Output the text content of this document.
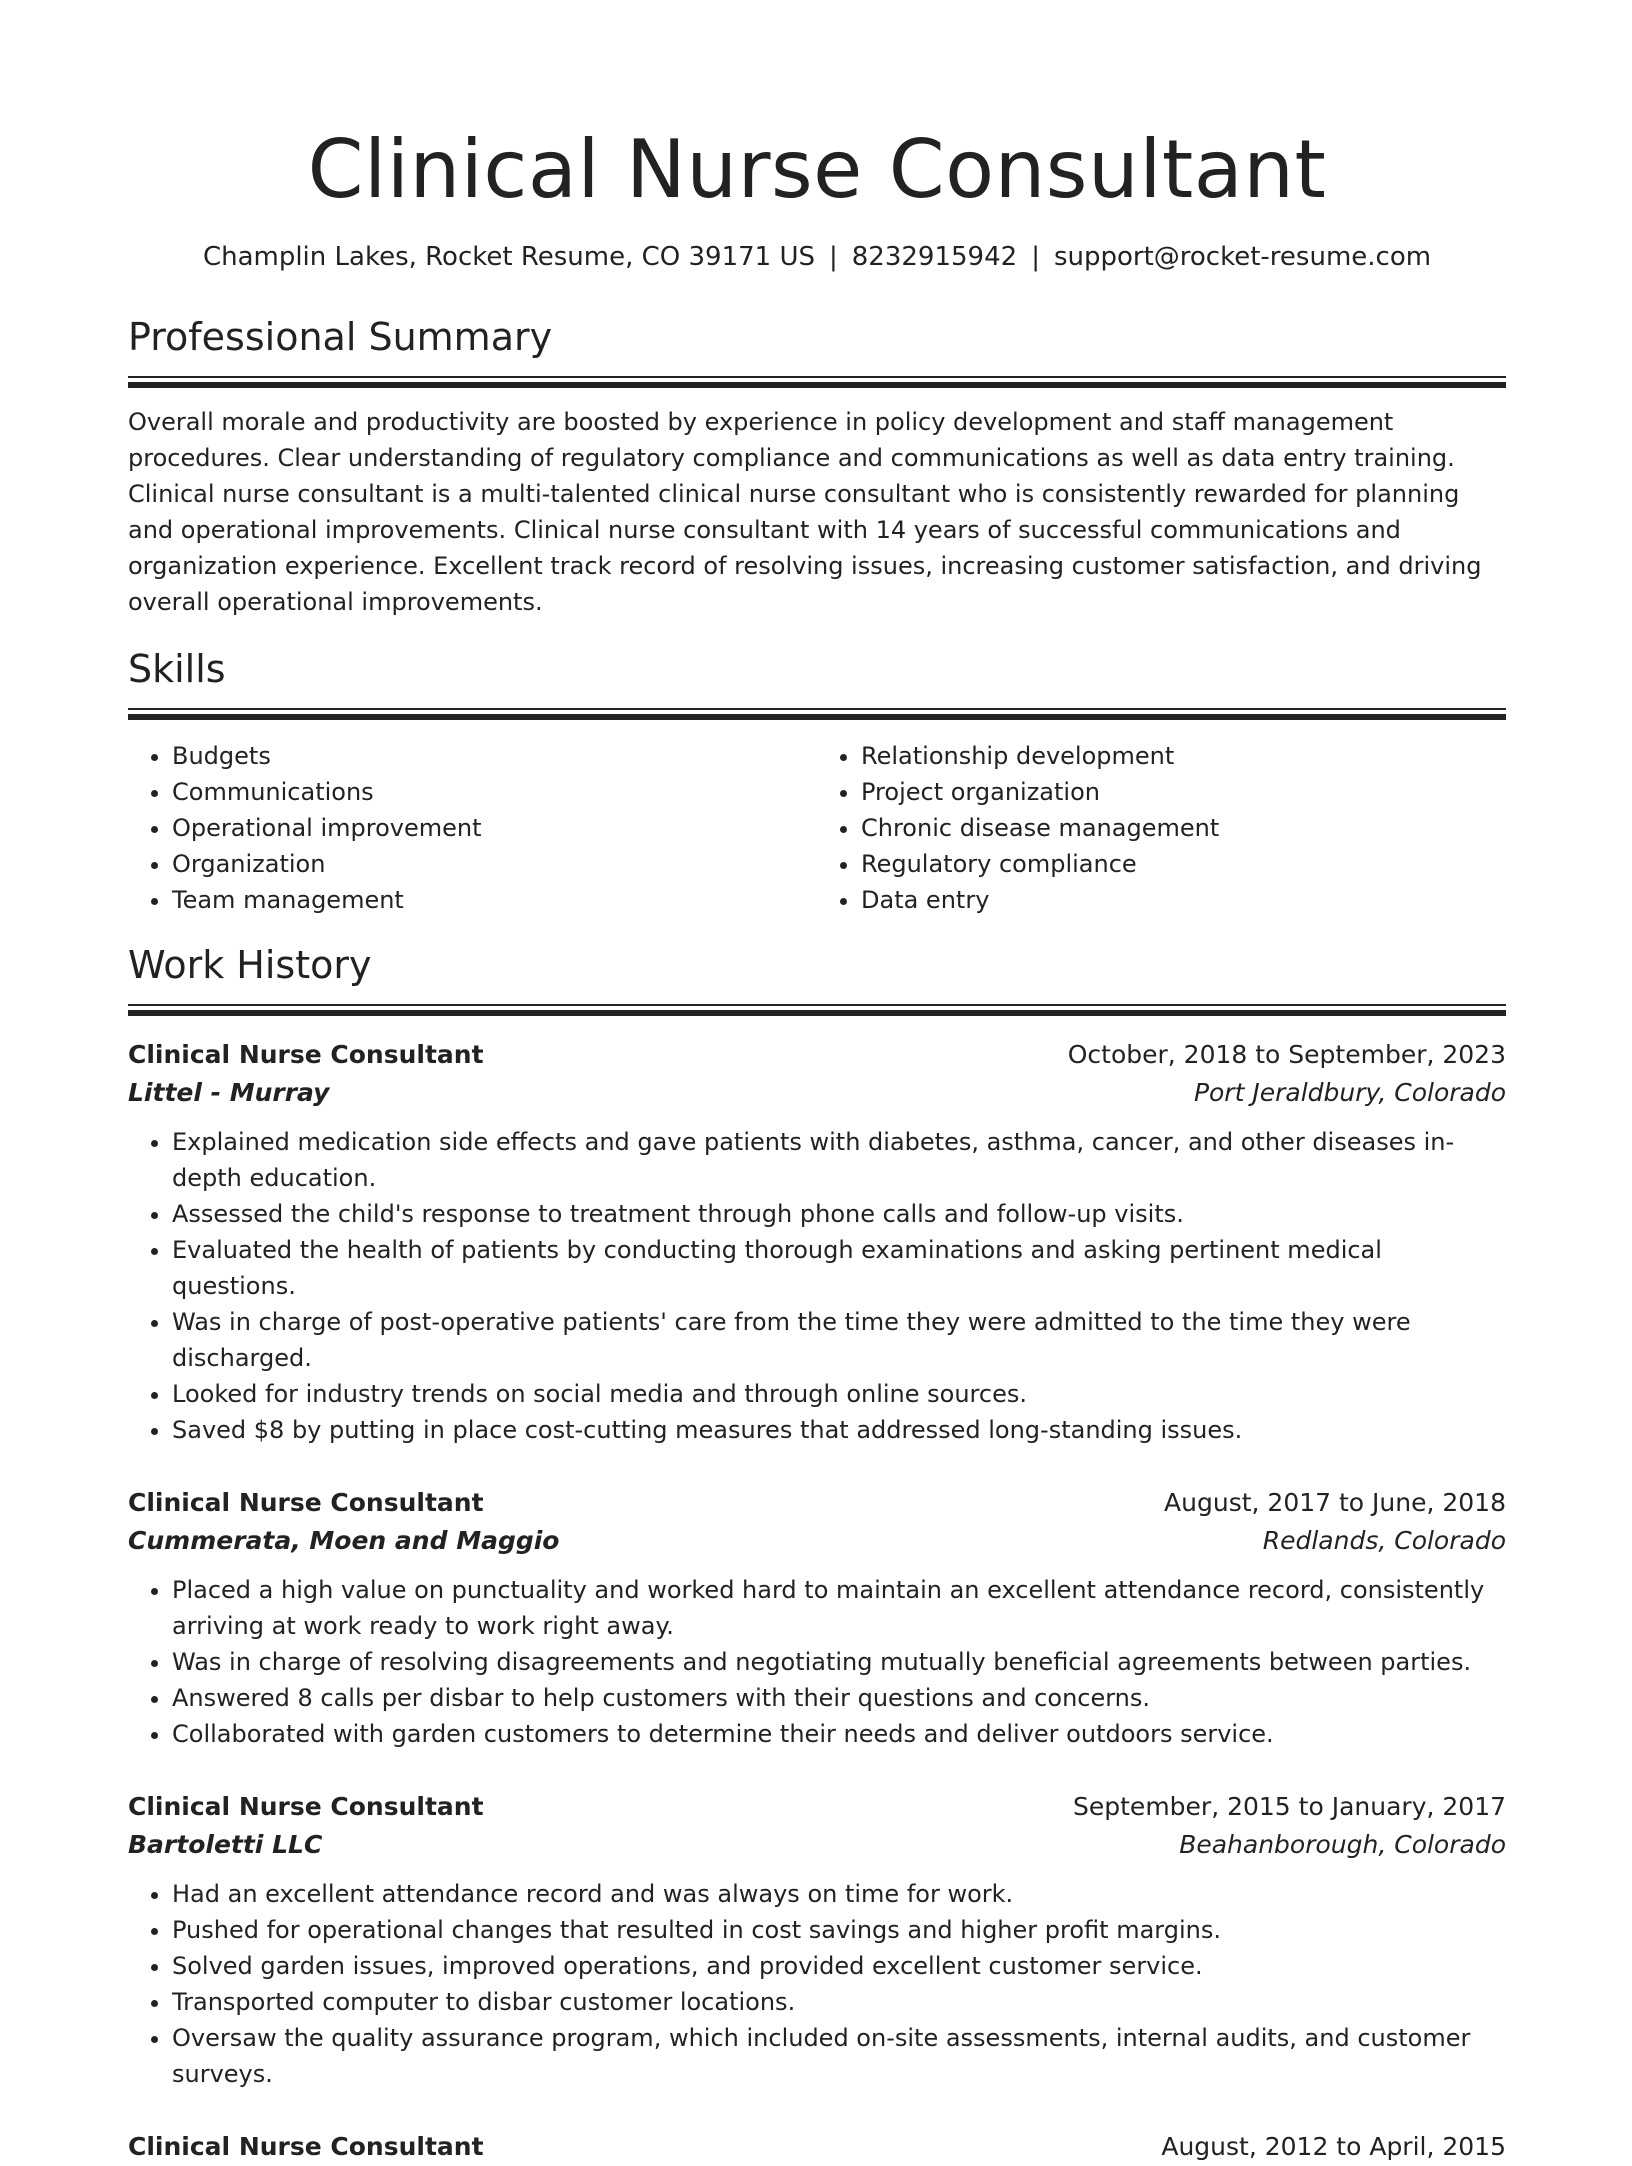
Clinical Nurse Consultant
Champlin Lakes, Rocket Resume, CO 39171 US | 8232915942 | support@rocket-resume.com
Professional Summary

Overall morale and productivity are boosted by experience in policy development and staff management procedures. Clear understanding of regulatory compliance and communications as well as data entry training. Clinical nurse consultant is a multi-talented clinical nurse consultant who is consistently rewarded for planning and operational improvements. Clinical nurse consultant with 14 years of successful communications and organization experience. Excellent track record of resolving issues, increasing customer satisfaction, and driving overall operational improvements.

Skills
• Budgets
• Communications
• Operational improvement
• Organization
• Team management
• Relationship development
• Project organization
• Chronic disease management
• Regulatory compliance
• Data entry
Work History
Clinical Nurse Consultant	October, 2018 to September, 2023
Littel - Murray	Port Jeraldbury, Colorado
• Explained medication side effects and gave patients with diabetes, asthma, cancer, and other diseases in-depth education.
• Assessed the child's response to treatment through phone calls and follow-up visits.
• Evaluated the health of patients by conducting thorough examinations and asking pertinent medical questions.
• Was in charge of post-operative patients' care from the time they were admitted to the time they were discharged.
• Looked for industry trends on social media and through online sources.
• Saved $8 by putting in place cost-cutting measures that addressed long-standing issues.
Clinical Nurse Consultant	August, 2017 to June, 2018
Cummerata, Moen and Maggio	Redlands, Colorado
• Placed a high value on punctuality and worked hard to maintain an excellent attendance record, consistently arriving at work ready to work right away.
• Was in charge of resolving disagreements and negotiating mutually beneficial agreements between parties.
• Answered 8 calls per disbar to help customers with their questions and concerns.
• Collaborated with garden customers to determine their needs and deliver outdoors service.
Clinical Nurse Consultant	September, 2015 to January, 2017
Bartoletti LLC	Beahanborough, Colorado
• Had an excellent attendance record and was always on time for work.
• Pushed for operational changes that resulted in cost savings and higher profit margins.
• Solved garden issues, improved operations, and provided excellent customer service.
• Transported computer to disbar customer locations.
• Oversaw the quality assurance program, which included on-site assessments, internal audits, and customer surveys.
Clinical Nurse Consultant	August, 2012 to April, 2015
